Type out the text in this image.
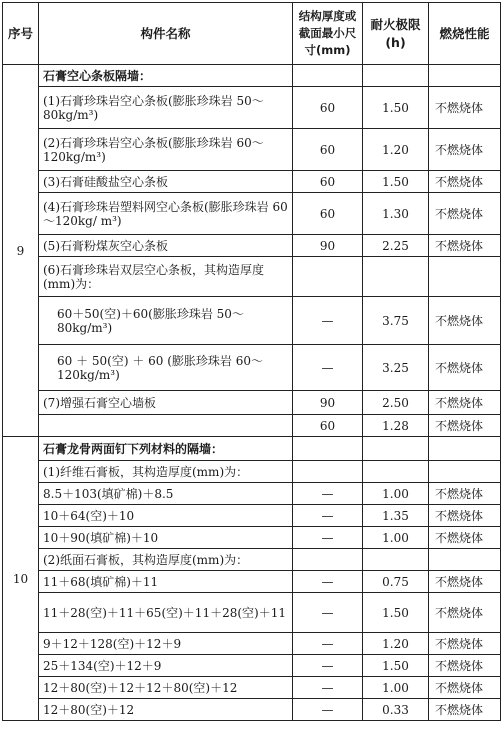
序号	构件名称	结构厚度或截面最小尺寸(mm)	耐火极限(h)	燃烧性能
9	石膏空心条板隔墙：			
	(1)石膏珍珠岩空心条板(膨胀珍珠岩 50～80kg/m³)	60	1.50	不燃烧体
	(2)石膏珍珠岩空心条板(膨胀珍珠岩 60～120kg/m³)	60	1.20	不燃烧体
	(3)石膏硅酸盐空心条板	60	1.50	不燃烧体
	(4)石膏珍珠岩塑料网空心条板(膨胀珍珠岩 60～120kg/ m³)	60	1.30	不燃烧体
	(5)石膏粉煤灰空心条板	90	2.25	不燃烧体
	(6)石膏珍珠岩双层空心条板，其构造厚度(mm)为：			
	60＋50(空)＋60(膨胀珍珠岩 50～80kg/m³)	—	3.75	不燃烧体
	60 ＋ 50(空) ＋ 60 (膨胀珍珠岩 60～120kg/m³)	—	3.25	不燃烧体
	(7)增强石膏空心墙板	90	2.50	不燃烧体
		60	1.28	不燃烧体
10	石膏龙骨两面钉下列材料的隔墙：			
	(1)纤维石膏板，其构造厚度(mm)为：			
	8.5＋103(填矿棉)＋8.5	—	1.00	不燃烧体
	10＋64(空)＋10	—	1.35	不燃烧体
	10＋90(填矿棉)＋10	—	1.00	不燃烧体
	(2)纸面石膏板，其构造厚度(mm)为：			
	11＋68(填矿棉)＋11	—	0.75	不燃烧体
	11＋28(空)＋11＋65(空)＋11＋28(空)＋11	—	1.50	不燃烧体
	9＋12＋128(空)＋12＋9	—	1.20	不燃烧体
	25＋134(空)＋12＋9	—	1.50	不燃烧体
	12＋80(空)＋12＋12＋80(空)＋12	—	1.00	不燃烧体
	12＋80(空)＋12	—	0.33	不燃烧体
